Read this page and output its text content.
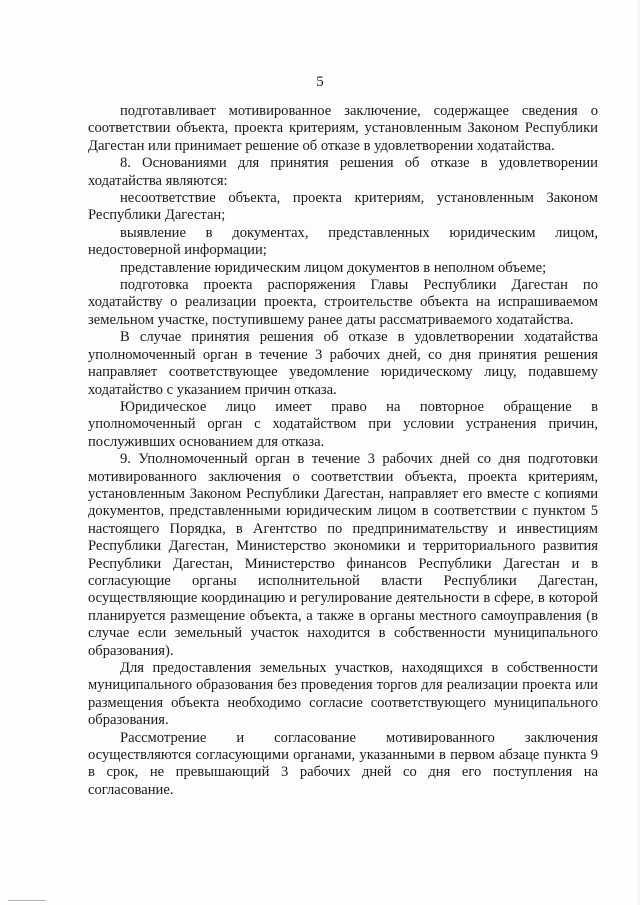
5

подготавливает мотивированное заключение, содержащее сведения о соответствии объекта, проекта критериям, установленным Законом Республики Дагестан или принимает решение об отказе в удовлетворении ходатайства.

8. Основаниями для принятия решения об отказе в удовлетворении ходатайства являются:

несоответствие объекта, проекта критериям, установленным Законом Республики Дагестан;

выявление в документах, представленных юридическим лицом, недостоверной информации;

представление юридическим лицом документов в неполном объеме;

подготовка проекта распоряжения Главы Республики Дагестан по ходатайству о реализации проекта, строительстве объекта на испрашиваемом земельном участке, поступившему ранее даты рассматриваемого ходатайства.

В случае принятия решения об отказе в удовлетворении ходатайства уполномоченный орган в течение 3 рабочих дней, со дня принятия решения направляет соответствующее уведомление юридическому лицу, подавшему ходатайство с указанием причин отказа.

Юридическое лицо имеет право на повторное обращение в уполномоченный орган с ходатайством при условии устранения причин, послуживших основанием для отказа.

9. Уполномоченный орган в течение 3 рабочих дней со дня подготовки мотивированного заключения о соответствии объекта, проекта критериям, установленным Законом Республики Дагестан, направляет его вместе с копиями документов, представленными юридическим лицом в соответствии с пунктом 5 настоящего Порядка, в Агентство по предпринимательству и инвестициям Республики Дагестан, Министерство экономики и территориального развития Республики Дагестан, Министерство финансов Республики Дагестан и в согласующие органы исполнительной власти Республики Дагестан, осуществляющие координацию и регулирование деятельности в сфере, в которой планируется размещение объекта, а также в органы местного самоуправления (в случае если земельный участок находится в собственности муниципального образования).

Для предоставления земельных участков, находящихся в собственности муниципального образования без проведения торгов для реализации проекта или размещения объекта необходимо согласие соответствующего муниципального образования.

Рассмотрение и согласование мотивированного заключения осуществляются согласующими органами, указанными в первом абзаце пункта 9 в срок, не превышающий 3 рабочих дней со дня его поступления на согласование.
